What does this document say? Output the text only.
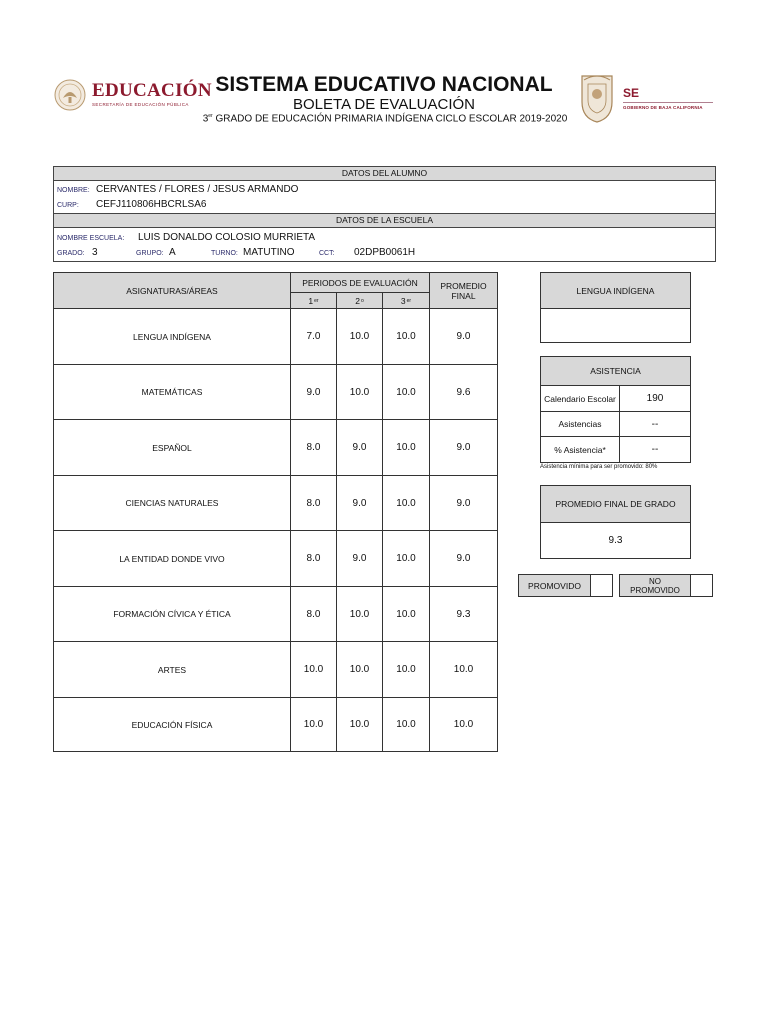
EDUCACIÓN
SECRETARÍA DE EDUCACIÓN PÚBLICA
SISTEMA EDUCATIVO NACIONAL
BOLETA DE EVALUACIÓN
3er GRADO DE EDUCACIÓN PRIMARIA INDÍGENA CICLO ESCOLAR 2019-2020
SE
GOBIERNO DE BAJA CALIFORNIA
DATOS DEL ALUMNO
NOMBRE: CERVANTES / FLORES / JESUS ARMANDO
CURP: CEFJ110806HBCRLSA6
DATOS DE LA ESCUELA
NOMBRE ESCUELA: LUIS DONALDO COLOSIO MURRIETA
GRADO: 3	GRUPO: A	TURNO: MATUTINO	CCT: 02DPB0061H
ASIGNATURAS/ÁREAS
PERIODOS DE EVALUACIÓN
1 er	2 o	3 er
PROMEDIO FINAL
LENGUA INDÍGENA	7.0	10.0	10.0	9.0
MATEMÁTICAS	9.0	10.0	10.0	9.6
ESPAÑOL	8.0	9.0	10.0	9.0
CIENCIAS NATURALES	8.0	9.0	10.0	9.0
LA ENTIDAD DONDE VIVO	8.0	9.0	10.0	9.0
FORMACIÓN CÍVICA Y ÉTICA	8.0	10.0	10.0	9.3
ARTES	10.0	10.0	10.0	10.0
EDUCACIÓN FÍSICA	10.0	10.0	10.0	10.0
LENGUA INDÍGENA
ASISTENCIA
Calendario Escolar	190
Asistencias	--
% Asistencia*	--
Asistencia mínima para ser promovido: 80%
PROMEDIO FINAL DE GRADO
9.3
PROMOVIDO	NO PROMOVIDO
